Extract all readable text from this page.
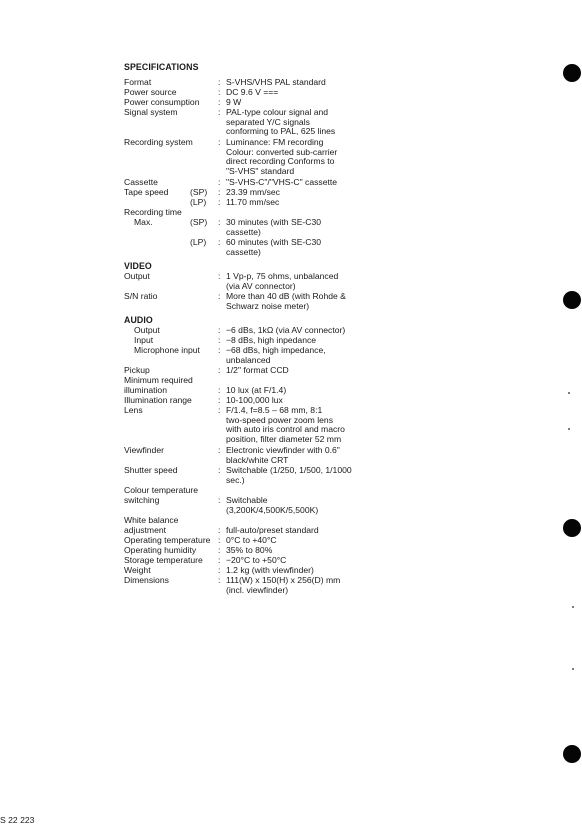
SPECIFICATIONS
Format	: S-VHS/VHS PAL standard
Power source	: DC 9.6 V ===
Power consumption : 9 W
Signal system	: PAL-type colour signal and
separated Y/C signals
conforming to PAL, 625 lines
Recording system	: Luminance: FM recording
Colour: converted sub-carrier
direct recording Conforms to
"S-VHS" standard
Cassette	: "S-VHS-C"/"VHS-C" cassette
Tape speed	(SP) : 23.39 mm/sec
(LP) : 11.70 mm/sec
Recording time
Max.	(SP) : 30 minutes (with SE-C30
cassette)
(LP) : 60 minutes (with SE-C30
cassette)
VIDEO
Output	: 1 Vp-p, 75 ohms, unbalanced
(via AV connector)
S/N ratio	: More than 40 dB (with Rohde &
Schwarz noise meter)
AUDIO
Output	: −6 dBs, 1kΩ (via AV connector)
Input	: −8 dBs, high inpedance
Microphone input : −68 dBs, high impedance,
unbalanced
Pickup	: 1/2" format CCD
Minimum required
illumination	: 10 lux (at F/1.4)
Illumination range	: 10-100,000 lux
Lens	: F/1.4, f=8.5 – 68 mm, 8:1
two-speed power zoom lens
with auto iris control and macro
position, filter diameter 52 mm
Viewfinder	: Electronic viewfinder with 0.6"
black/white CRT
Shutter speed	: Switchable (1/250, 1/500, 1/1000
sec.)
Colour temperature
switching	: Switchable
(3,200K/4,500K/5,500K)
White balance
adjustment	: full-auto/preset standard
Operating temperature : 0°C to +40°C
Operating humidity	: 35% to 80%
Storage temperature : −20°C to +50°C
Weight	: 1.2 kg (with viewfinder)
Dimensions	: 111(W) x 150(H) x 256(D) mm
(incl. viewfinder)
S 22 223
